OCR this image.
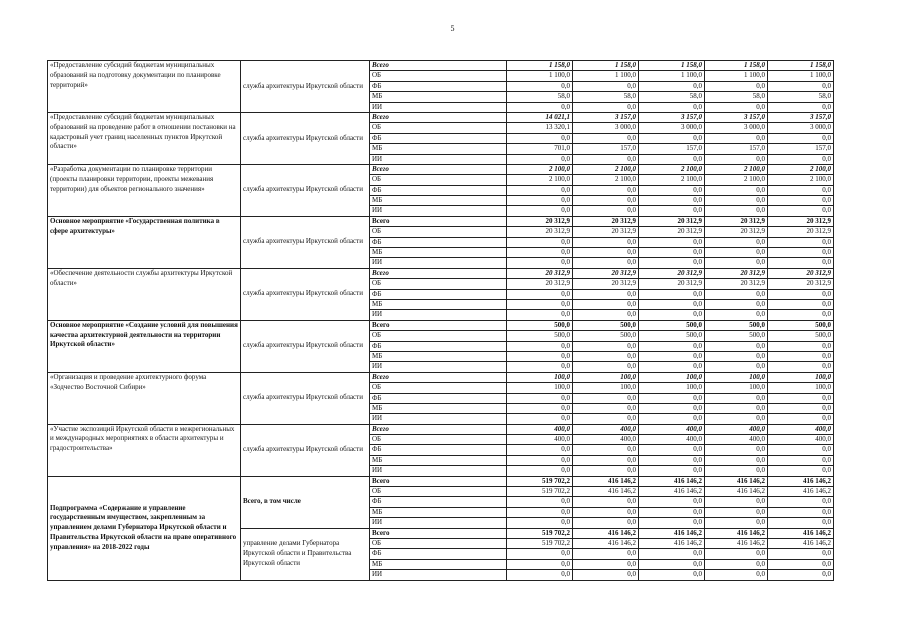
5
«Предоставление субсидий бюджетам муниципальных образований на подготовку документации по планировке территорий»	служба архитектуры Иркутской области	Всего	1 158,0	1 158,0	1 158,0	1 158,0	1 158,0
		ОБ	1 100,0	1 100,0	1 100,0	1 100,0	1 100,0
		ФБ	0,0	0,0	0,0	0,0	0,0
		МБ	58,0	58,0	58,0	58,0	58,0
		ИИ	0,0	0,0	0,0	0,0	0,0
«Предоставление субсидий бюджетам муниципальных образований на проведение работ в отношении постановки на кадастровый учет границ населенных пунктов Иркутской области»	служба архитектуры Иркутской области	Всего	14 021,1	3 157,0	3 157,0	3 157,0	3 157,0
		ОБ	13 320,1	3 000,0	3 000,0	3 000,0	3 000,0
		ФБ	0,0	0,0	0,0	0,0	0,0
		МБ	701,0	157,0	157,0	157,0	157,0
		ИИ	0,0	0,0	0,0	0,0	0,0
«Разработка документации по планировке территории (проекты планировки территории, проекты межевания территории) для объектов регионального значения»	служба архитектуры Иркутской области	Всего	2 100,0	2 100,0	2 100,0	2 100,0	2 100,0
		ОБ	2 100,0	2 100,0	2 100,0	2 100,0	2 100,0
		ФБ	0,0	0,0	0,0	0,0	0,0
		МБ	0,0	0,0	0,0	0,0	0,0
		ИИ	0,0	0,0	0,0	0,0	0,0
Основное мероприятие «Государственная политика в сфере архитектуры»	служба архитектуры Иркутской области	Всего	20 312,9	20 312,9	20 312,9	20 312,9	20 312,9
		ОБ	20 312,9	20 312,9	20 312,9	20 312,9	20 312,9
		ФБ	0,0	0,0	0,0	0,0	0,0
		МБ	0,0	0,0	0,0	0,0	0,0
		ИИ	0,0	0,0	0,0	0,0	0,0
«Обеспечение деятельности службы архитектуры Иркутской области»	служба архитектуры Иркутской области	Всего	20 312,9	20 312,9	20 312,9	20 312,9	20 312,9
		ОБ	20 312,9	20 312,9	20 312,9	20 312,9	20 312,9
		ФБ	0,0	0,0	0,0	0,0	0,0
		МБ	0,0	0,0	0,0	0,0	0,0
		ИИ	0,0	0,0	0,0	0,0	0,0
Основное мероприятие «Создание условий для повышения качества архитектурной деятельности на территории Иркутской области»	служба архитектуры Иркутской области	Всего	500,0	500,0	500,0	500,0	500,0
		ОБ	500,0	500,0	500,0	500,0	500,0
		ФБ	0,0	0,0	0,0	0,0	0,0
		МБ	0,0	0,0	0,0	0,0	0,0
		ИИ	0,0	0,0	0,0	0,0	0,0
«Организация и проведение архитектурного форума «Зодчество Восточной Сибири»	служба архитектуры Иркутской области	Всего	100,0	100,0	100,0	100,0	100,0
		ОБ	100,0	100,0	100,0	100,0	100,0
		ФБ	0,0	0,0	0,0	0,0	0,0
		МБ	0,0	0,0	0,0	0,0	0,0
		ИИ	0,0	0,0	0,0	0,0	0,0
«Участие экспозиций Иркутской области в межрегиональных и международных мероприятиях в области архитектуры и градостроительства»	служба архитектуры Иркутской области	Всего	400,0	400,0	400,0	400,0	400,0
		ОБ	400,0	400,0	400,0	400,0	400,0
		ФБ	0,0	0,0	0,0	0,0	0,0
		МБ	0,0	0,0	0,0	0,0	0,0
		ИИ	0,0	0,0	0,0	0,0	0,0
Подпрограмма «Содержание и управление государственным имуществом, закрепленным за управлением делами Губернатора Иркутской области и Правительства Иркутской области на праве оперативного управления» на 2018-2022 годы	Всего, в том числе	Всего	519 702,2	416 146,2	416 146,2	416 146,2	416 146,2
		ОБ	519 702,2	416 146,2	416 146,2	416 146,2	416 146,2
		ФБ	0,0	0,0	0,0	0,0	0,0
		МБ	0,0	0,0	0,0	0,0	0,0
		ИИ	0,0	0,0	0,0	0,0	0,0
	управление делами Губернатора Иркутской области и Правительства Иркутской области	Всего	519 702,2	416 146,2	416 146,2	416 146,2	416 146,2
		ОБ	519 702,2	416 146,2	416 146,2	416 146,2	416 146,2
		ФБ	0,0	0,0	0,0	0,0	0,0
		МБ	0,0	0,0	0,0	0,0	0,0
		ИИ	0,0	0,0	0,0	0,0	0,0
